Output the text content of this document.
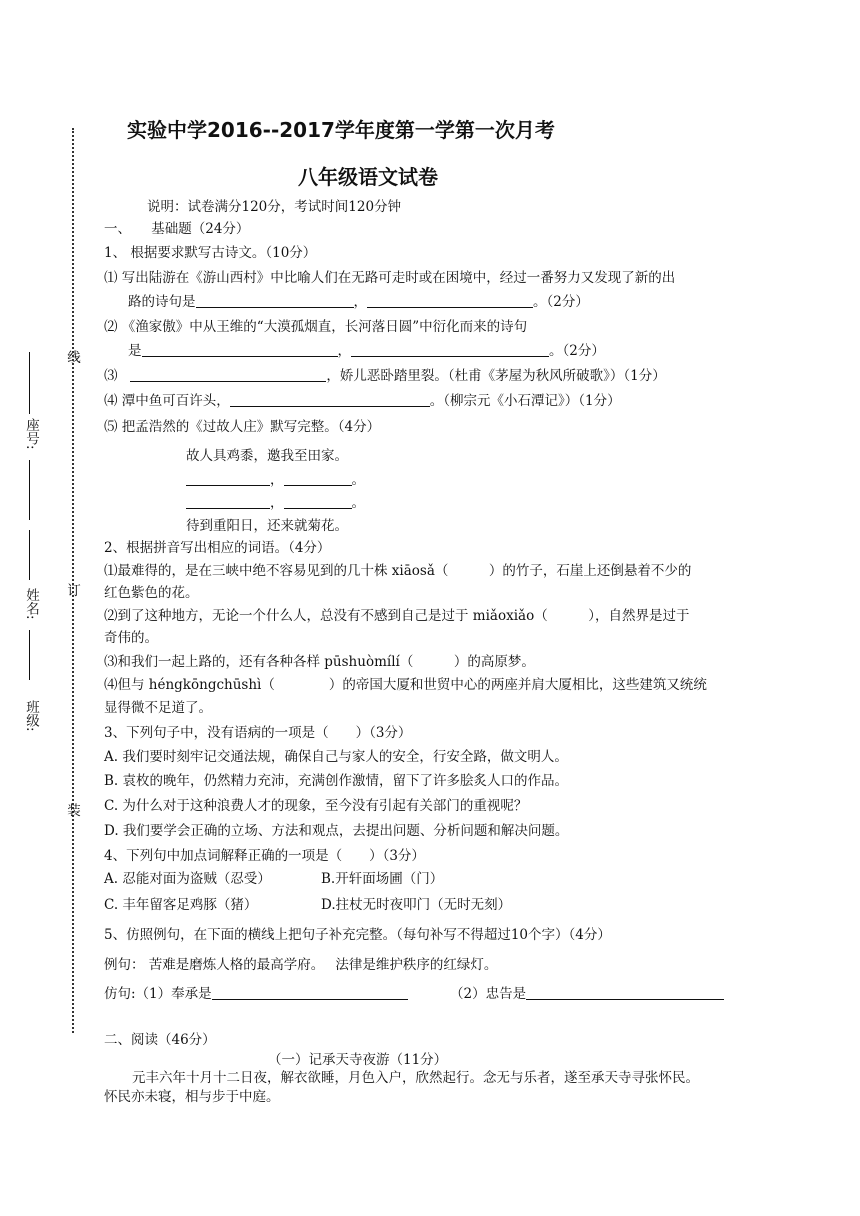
线
订
装
座号:
姓名:
班级:
实验中学2016--2017学年度第一学第一次月考
八年级语文试卷
说明：试卷满分120分，考试时间120分钟
一、　　基础题（24分）
1、 根据要求默写古诗文。（10分）
⑴ 写出陆游在《游山西村》中比喻人们在无路可走时或在困境中，经过一番努力又发现了新的出
路的诗句是	，	。（2分）
⑵ 《渔家傲》中从王维的“大漠孤烟直，长河落日圆”中衍化而来的诗句
是	，	。（2分）
⑶	，娇儿恶卧踏里裂。（杜甫《茅屋为秋风所破歌》）（1分）
⑷ 潭中鱼可百许头，	。（柳宗元《小石潭记》）（1分）
⑸ 把孟浩然的《过故人庄》默写完整。（4分）
故人具鸡黍，邀我至田家。
，	。
，	。
待到重阳日，还来就菊花。
2、根据拼音写出相应的词语。（4分）
⑴最难得的，是在三峡中绝不容易见到的几十株 xiāosǎ（　　　）的竹子，石崖上还倒悬着不少的
红色紫色的花。
⑵到了这种地方，无论一个什么人，总没有不感到自己是过于 miǎoxiǎo（　　　），自然界是过于
奇伟的。
⑶和我们一起上路的，还有各种各样 pūshuòmílí（　　　）的高原梦。
⑷但与 héngkōngchūshì（　　　　）的帝国大厦和世贸中心的两座并肩大厦相比，这些建筑又统统
显得微不足道了。
3、下列句子中，没有语病的一项是（　　）（3分）
A. 我们要时刻牢记交通法规，确保自己与家人的安全，行安全路，做文明人。
B. 袁枚的晚年，仍然精力充沛，充满创作激情，留下了许多脍炙人口的作品。
C. 为什么对于这种浪费人才的现象，至今没有引起有关部门的重视呢？
D. 我们要学会正确的立场、方法和观点，去提出问题、分析问题和解决问题。
4、下列句中加点词解释正确的一项是（　　）（3分）
A. 忍能对面为盗贼（忍受）	B.开轩面场圃（门）
C. 丰年留客足鸡豚（猪）	D.拄杖无时夜叩门（无时无刻）
5、仿照例句，在下面的横线上把句子补充完整。（每句补写不得超过10个字）（4分）
例句： 苦难是磨炼人格的最高学府。　 法律是维护秩序的红绿灯。
仿句:（1）奉承是	（2）忠告是
二、阅读（46分）
（一）记承天寺夜游（11分）
元丰六年十月十二日夜，解衣欲睡，月色入户，欣然起行。念无与乐者，遂至承天寺寻张怀民。
怀民亦未寝，相与步于中庭。
